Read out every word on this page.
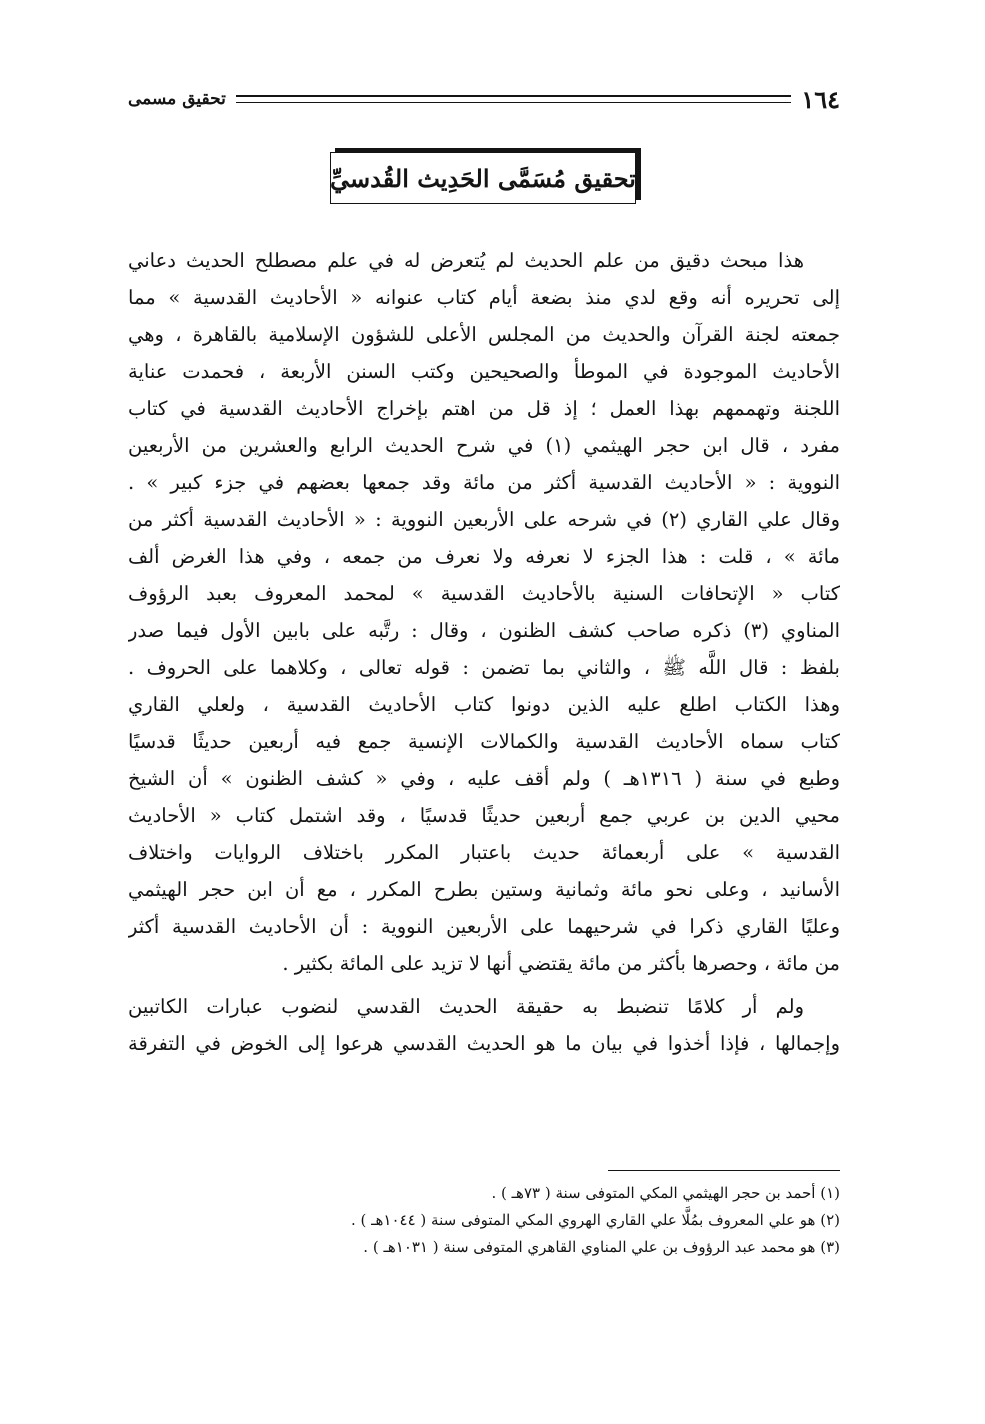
١٦٤
تحقيق مسمى
تحقيق مُسَمَّى الحَدِيث القُدسيِّ
هذا مبحث دقيق من علم الحديث لم يُتعرض له في علم مصطلح الحديث دعاني
إلى تحريره أنه وقع لدي منذ بضعة أيام كتاب عنوانه « الأحاديث القدسية » مما
جمعته لجنة القرآن والحديث من المجلس الأعلى للشؤون الإسلامية بالقاهرة ، وهي
الأحاديث الموجودة في الموطأ والصحيحين وكتب السنن الأربعة ، فحمدت عناية
اللجنة وتهممهم بهذا العمل ؛ إذ قل من اهتم بإخراج الأحاديث القدسية في كتاب
مفرد ، قال ابن حجر الهيثمي (١) في شرح الحديث الرابع والعشرين من الأربعين
النووية : « الأحاديث القدسية أكثر من مائة وقد جمعها بعضهم في جزء كبير » .
وقال علي القاري (٢) في شرحه على الأربعين النووية : « الأحاديث القدسية أكثر من
مائة » ، قلت : هذا الجزء لا نعرفه ولا نعرف من جمعه ، وفي هذا الغرض ألف
كتاب « الإتحافات السنية بالأحاديث القدسية » لمحمد المعروف بعبد الرؤوف
المناوي (٣) ذكره صاحب كشف الظنون ، وقال : رتَّبه على بابين الأول فيما صدر
بلفظ : قال اللَّه ﷺ ، والثاني بما تضمن : قوله تعالى ، وكلاهما على الحروف .
وهذا الكتاب اطلع عليه الذين دونوا كتاب الأحاديث القدسية ، ولعلي القاري
كتاب سماه الأحاديث القدسية والكمالات الإنسية جمع فيه أربعين حديثًا قدسيًا
وطبع في سنة ( ١٣١٦هـ ) ولم أقف عليه ، وفي « كشف الظنون » أن الشيخ
محيي الدين بن عربي جمع أربعين حديثًا قدسيًا ، وقد اشتمل كتاب « الأحاديث
القدسية » على أربعمائة حديث باعتبار المكرر باختلاف الروايات واختلاف
الأسانيد ، وعلى نحو مائة وثمانية وستين بطرح المكرر ، مع أن ابن حجر الهيثمي
وعليًا القاري ذكرا في شرحيهما على الأربعين النووية : أن الأحاديث القدسية أكثر
من مائة ، وحصرها بأكثر من مائة يقتضي أنها لا تزيد على المائة بكثير .
ولم أر كلامًا تنضبط به حقيقة الحديث القدسي لنضوب عبارات الكاتبين
وإجمالها ، فإذا أخذوا في بيان ما هو الحديث القدسي هرعوا إلى الخوض في التفرقة
(١) أحمد بن حجر الهيثمي المكي المتوفى سنة ( ٧٣هـ ) .
(٢) هو علي المعروف بمُلَّا علي القاري الهروي المكي المتوفى سنة ( ١٠٤٤هـ ) .
(٣) هو محمد عبد الرؤوف بن علي المناوي القاهري المتوفى سنة ( ١٠٣١هـ ) .
